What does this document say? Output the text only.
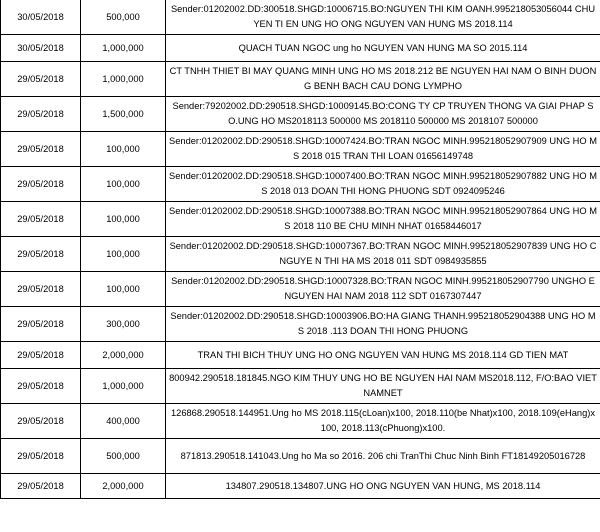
30/05/2018	500,000	Sender:01202002.DD:300518.SHGD:10006715.BO:NGUYEN THI KIM OANH.995218053056044 CHUYEN TI EN UNG HO ONG NGUYEN VAN HUNG MS 2018.114
30/05/2018	1,000,000	QUACH TUAN NGOC ung ho NGUYEN VAN HUNG MA SO 2015.114
29/05/2018	1,000,000	CT TNHH THIET BI MAY QUANG MINH UNG HO MS 2018.212 BE NGUYEN HAI NAM O BINH DUONG BENH BACH CAU DONG LYMPHO
29/05/2018	1,500,000	Sender:79202002.DD:290518.SHGD:10009145.BO:CONG TY CP TRUYEN THONG VA GIAI PHAP SO.UNG HO MS2018113 500000 MS 2018110 500000 MS 2018107 500000
29/05/2018	100,000	Sender:01202002.DD:290518.SHGD:10007424.BO:TRAN NGOC MINH.995218052907909 UNG HO MS 2018 015 TRAN THI LOAN 01656149748
29/05/2018	100,000	Sender:01202002.DD:290518.SHGD:10007400.BO:TRAN NGOC MINH.995218052907882 UNG HO MS 2018 013 DOAN THI HONG PHUONG SDT 0924095246
29/05/2018	100,000	Sender:01202002.DD:290518.SHGD:10007388.BO:TRAN NGOC MINH.995218052907864 UNG HO MS 2018 110 BE CHU MINH NHAT 01658446017
29/05/2018	100,000	Sender:01202002.DD:290518.SHGD:10007367.BO:TRAN NGOC MINH.995218052907839 UNG HO C NGUYE N THI HA MS 2018 011 SDT 0984935855
29/05/2018	100,000	Sender:01202002.DD:290518.SHGD:10007328.BO:TRAN NGOC MINH.995218052907790 UNGHO E NGUYEN HAI NAM 2018 112 SDT 0167307447
29/05/2018	300,000	Sender:01202002.DD:290518.SHGD:10003906.BO:HA GIANG THANH.995218052904388 UNG HO MS 2018 .113 DOAN THI HONG PHUONG
29/05/2018	2,000,000	TRAN THI BICH THUY UNG HO ONG NGUYEN VAN HUNG MS 2018.114 GD TIEN MAT
29/05/2018	1,000,000	800942.290518.181845.NGO KIM THUY UNG HO BE NGUYEN HAI NAM MS2018.112, F/O:BAO VIETNAMNET
29/05/2018	400,000	126868.290518.144951.Ung ho MS 2018.115(cLoan)x100, 2018.110(be Nhat)x100, 2018.109(eHang)x100, 2018.113(cPhuong)x100.
29/05/2018	500,000	871813.290518.141043.Ung ho Ma so 2016. 206 chi TranThi Chuc Ninh Binh FT18149205016728
29/05/2018	2,000,000	134807.290518.134807.UNG HO ONG NGUYEN VAN HUNG, MS 2018.114
